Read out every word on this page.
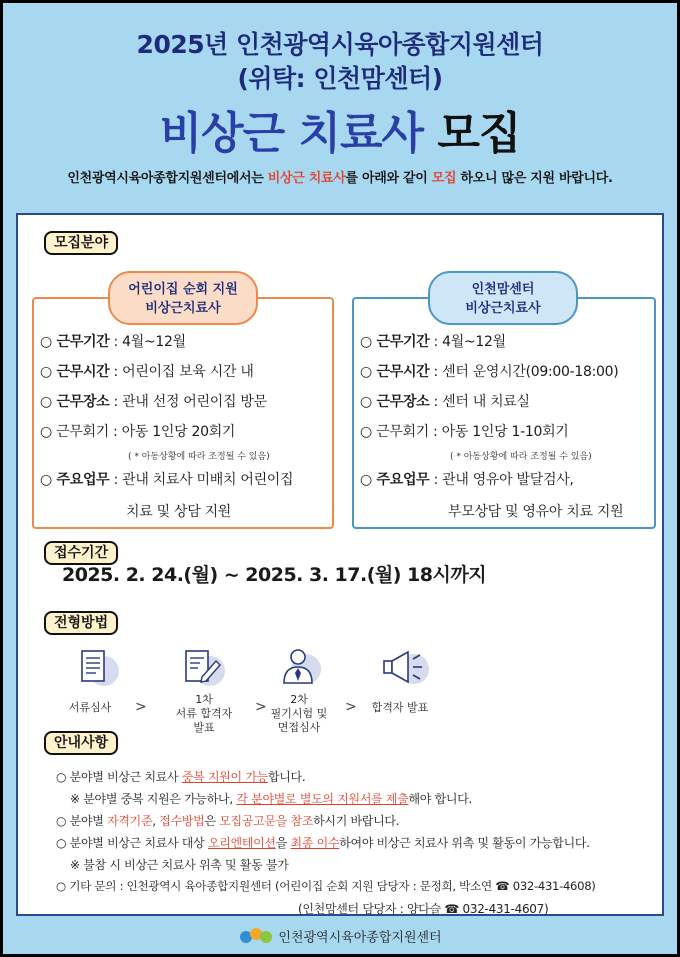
2025년 인천광역시육아종합지원센터
(위탁: 인천맘센터)
비상근 치료사 모집
인천광역시육아종합지원센터에서는 비상근 치료사를 아래와 같이 모집 하오니 많은 지원 바랍니다.
모집분야
어린이집 순회 지원
비상근치료사
○ 근무기간 : 4월~12월
○ 근무시간 : 어린이집 보육 시간 내
○ 근무장소 : 관내 선정 어린이집 방문
○ 근무회기 : 아동 1인당 20회기
( * 아동상황에 따라 조정될 수 있음)
○ 주요업무 : 관내 치료사 미배치 어린이집
치료 및 상담 지원
인천맘센터
비상근치료사
○ 근무기간 : 4월~12월
○ 근무시간 : 센터 운영시간(09:00-18:00)
○ 근무장소 : 센터 내 치료실
○ 근무회기 : 아동 1인당 1-10회기
( * 아동상황에 따라 조정될 수 있음)
○ 주요업무 : 관내 영유아 발달검사,
부모상담 및 영유아 치료 지원
접수기간
2025. 2. 24.(월) ~ 2025. 3. 17.(월) 18시까지
전형방법
서류심사	>	1차
서류 합격자
발표
>	2차
필기시험 및
면접심사
>	합격자 발표
안내사항
○ 분야별 비상근 치료사 중복 지원이 가능합니다.
※ 분야별 중복 지원은 가능하나, 각 분야별로 별도의 지원서를 제출해야 합니다.
○ 분야별 자격기준, 접수방법은 모집공고문을 참조하시기 바랍니다.
○ 분야별 비상근 치료사 대상 오리엔테이션을 최종 이수하여야 비상근 치료사 위촉 및 활동이 가능합니다.
※ 불참 시 비상근 치료사 위촉 및 활동 불가
○ 기타 문의 : 인천광역시 육아종합지원센터 (어린이집 순회 지원 담당자 : 문정희, 박소연 ☎ 032-431-4608)
(인천맘센터 담당자 : 양다슬 ☎ 032-431-4607)
인천광역시육아종합지원센터
